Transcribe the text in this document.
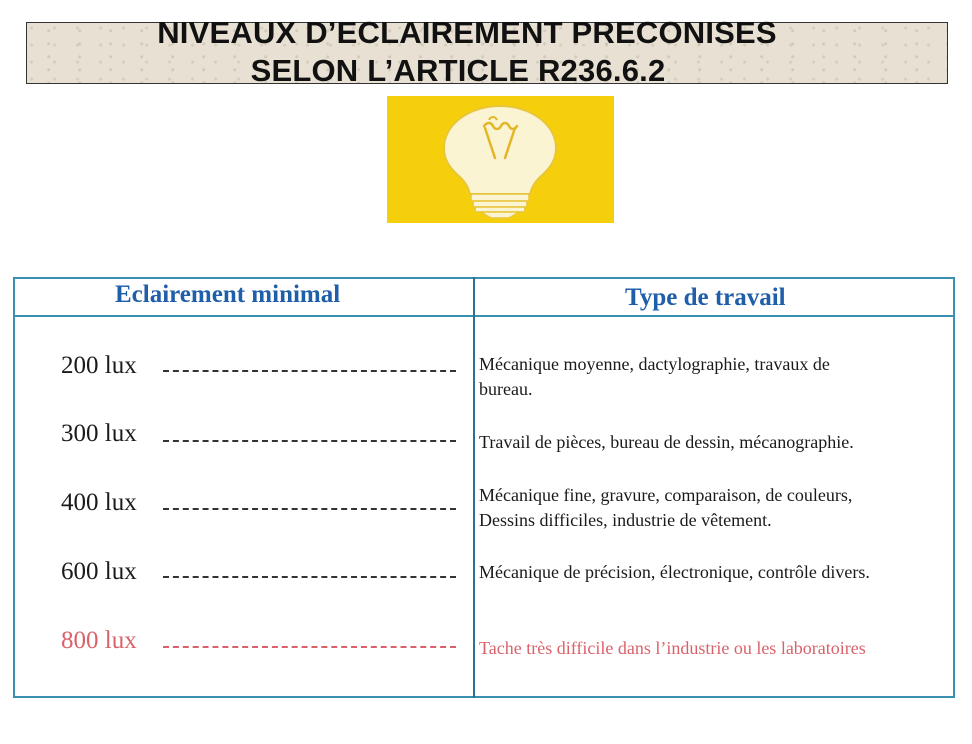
NIVEAUX D’ECLAIREMENT PRECONISES
SELON L’ARTICLE R236.6.2
Eclairement minimal	Type de travail
200 lux	Mécanique moyenne, dactylographie, travaux de
bureau.
300 lux	Travail de pièces, bureau de dessin, mécanographie.
400 lux	Mécanique fine, gravure, comparaison, de couleurs,
Dessins difficiles, industrie de vêtement.
600 lux	Mécanique de précision, électronique, contrôle divers.
800 lux	Tache très difficile dans l’industrie ou les laboratoires
